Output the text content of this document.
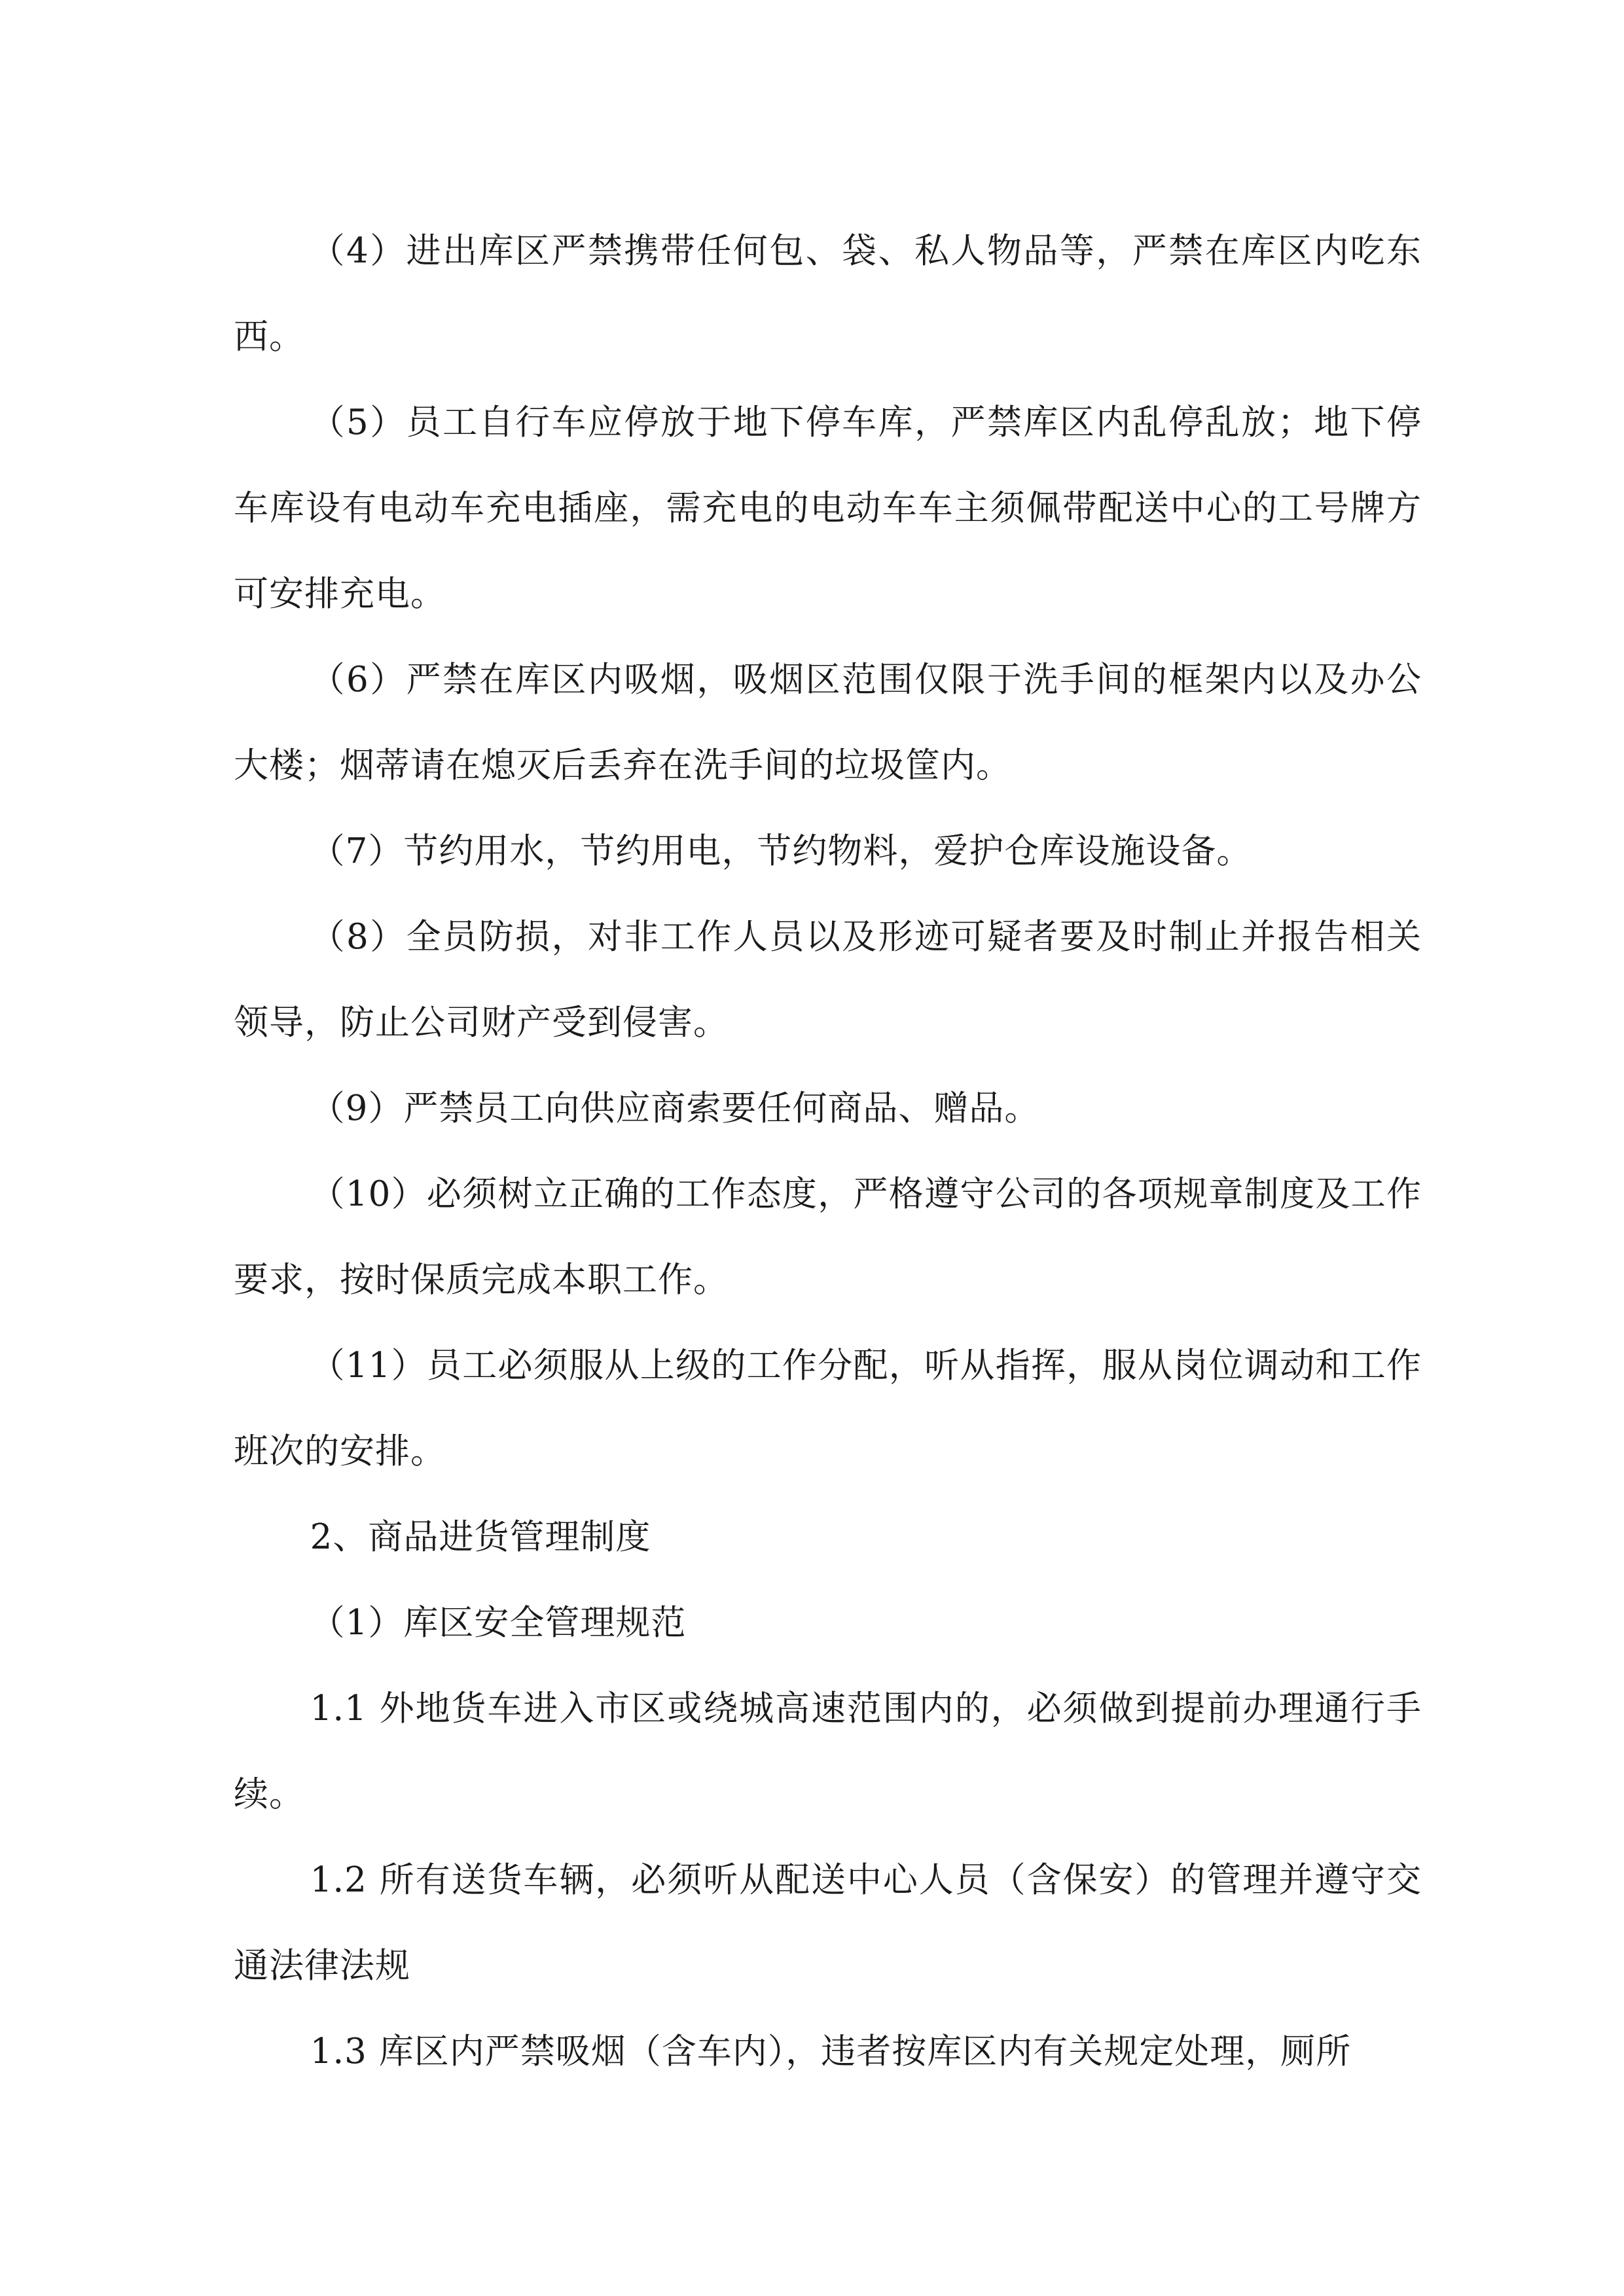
（4）进出库区严禁携带任何包、袋、私人物品等，严禁在库区内吃东西。

（5）员工自行车应停放于地下停车库，严禁库区内乱停乱放；地下停车库设有电动车充电插座，需充电的电动车车主须佩带配送中心的工号牌方可安排充电。

（6）严禁在库区内吸烟，吸烟区范围仅限于洗手间的框架内以及办公大楼；烟蒂请在熄灭后丢弃在洗手间的垃圾筐内。

（7）节约用水，节约用电，节约物料，爱护仓库设施设备。

（8）全员防损，对非工作人员以及形迹可疑者要及时制止并报告相关领导，防止公司财产受到侵害。

（9）严禁员工向供应商索要任何商品、赠品。

（10）必须树立正确的工作态度，严格遵守公司的各项规章制度及工作要求，按时保质完成本职工作。

（11）员工必须服从上级的工作分配，听从指挥，服从岗位调动和工作班次的安排。

2、商品进货管理制度

（1）库区安全管理规范

1.1 外地货车进入市区或绕城高速范围内的，必须做到提前办理通行手续。

1.2 所有送货车辆，必须听从配送中心人员（含保安）的管理并遵守交通法律法规

1.3 库区内严禁吸烟（含车内），违者按库区内有关规定处理，厕所
